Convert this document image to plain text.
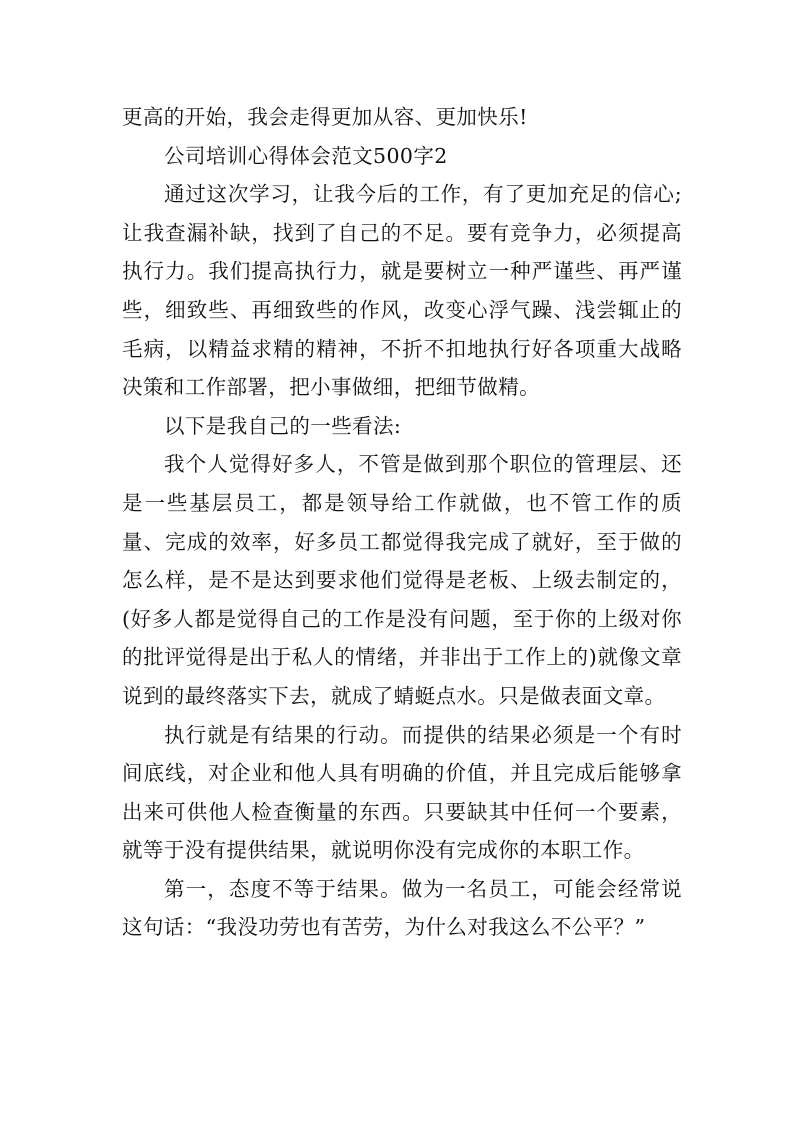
更高的开始，我会走得更加从容、更加快乐!

公司培训心得体会范文500字2

通过这次学习，让我今后的工作，有了更加充足的信心;让我查漏补缺，找到了自己的不足。要有竞争力，必须提高执行力。我们提高执行力，就是要树立一种严谨些、再严谨些，细致些、再细致些的作风，改变心浮气躁、浅尝辄止的毛病，以精益求精的精神，不折不扣地执行好各项重大战略决策和工作部署，把小事做细，把细节做精。

以下是我自己的一些看法:

我个人觉得好多人，不管是做到那个职位的管理层、还是一些基层员工，都是领导给工作就做，也不管工作的质量、完成的效率，好多员工都觉得我完成了就好，至于做的怎么样，是不是达到要求他们觉得是老板、上级去制定的，(好多人都是觉得自己的工作是没有问题，至于你的上级对你的批评觉得是出于私人的情绪，并非出于工作上的)就像文章说到的最终落实下去，就成了蜻蜓点水。只是做表面文章。

执行就是有结果的行动。而提供的结果必须是一个有时间底线，对企业和他人具有明确的价值，并且完成后能够拿出来可供他人检查衡量的东西。只要缺其中任何一个要素，就等于没有提供结果，就说明你没有完成你的本职工作。

第一，态度不等于结果。做为一名员工，可能会经常说这句话：“我没功劳也有苦劳，为什么对我这么不公平？”
